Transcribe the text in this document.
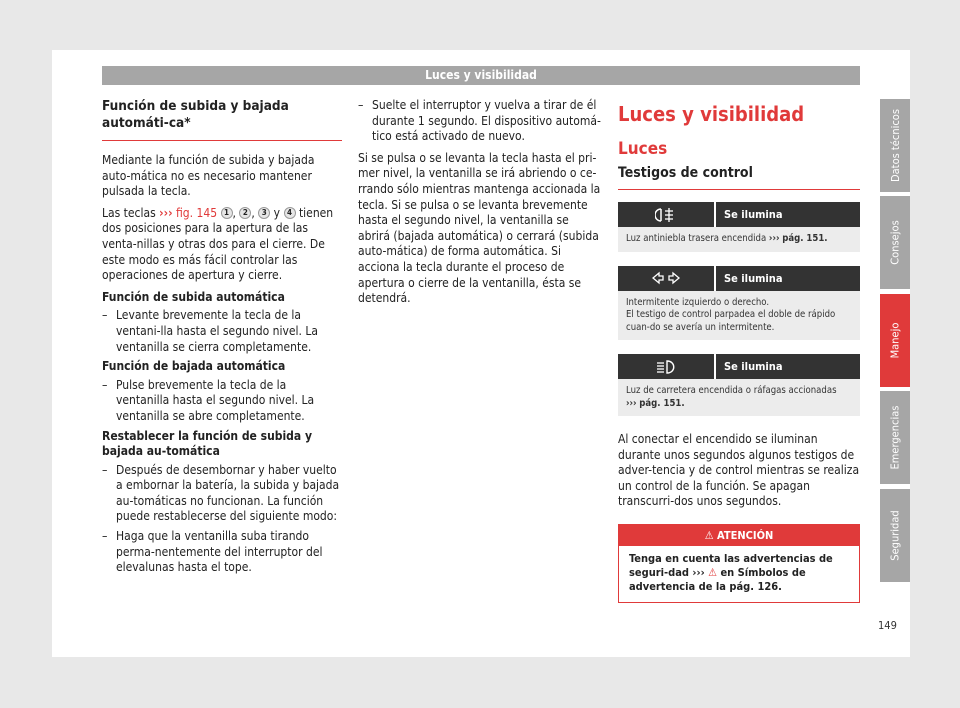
Luces y visibilidad
Función de subida y bajada automáti-ca*

Mediante la función de subida y bajada auto-mática no es necesario mantener pulsada la tecla.

Las teclas ››› fig. 145 1 , 2 , 3 y 4 tienen dos posiciones para la apertura de las venta-nillas y otras dos para el cierre. De este modo es más fácil controlar las operaciones de apertura y cierre.

Función de subida automática
– Levante brevemente la tecla de la ventani-lla hasta el segundo nivel. La ventanilla se cierra completamente.
Función de bajada automática
– Pulse brevemente la tecla de la ventanilla hasta el segundo nivel. La ventanilla se abre completamente.
Restablecer la función de subida y bajada au-tomática
– Después de desembornar y haber vuelto a embornar la batería, la subida y bajada au-tomáticas no funcionan. La función puede restablecerse del siguiente modo:
– Haga que la ventanilla suba tirando perma-nentemente del interruptor del elevalunas hasta el tope.
– Suelte el interruptor y vuelva a tirar de él durante 1 segundo. El dispositivo automá-tico está activado de nuevo.

Si se pulsa o se levanta la tecla hasta el pri-mer nivel, la ventanilla se irá abriendo o ce-rrando sólo mientras mantenga accionada la tecla. Si se pulsa o se levanta brevemente hasta el segundo nivel, la ventanilla se abrirá (bajada automática) o cerrará (subida auto-mática) de forma automática. Si acciona la tecla durante el proceso de apertura o cierre de la ventanilla, ésta se detendrá.

Luces y visibilidad
Luces
Testigos de control
Se ilumina
Luz antiniebla trasera encendida ››› pág. 151.
Se ilumina
Intermitente izquierdo o derecho.
El testigo de control parpadea el doble de rápido cuan-do se avería un intermitente.
Se ilumina
Luz de carretera encendida o ráfagas accionadas
››› pág. 151.

Al conectar el encendido se iluminan durante unos segundos algunos testigos de adver-tencia y de control mientras se realiza un control de la función. Se apagan transcurri-dos unos segundos.

⚠ ATENCIÓN
Tenga en cuenta las advertencias de seguri-dad ››› ⚠ en Símbolos de advertencia de la pág. 126.
Datos técnicos
Consejos
Manejo
Emergencias
Seguridad
149
